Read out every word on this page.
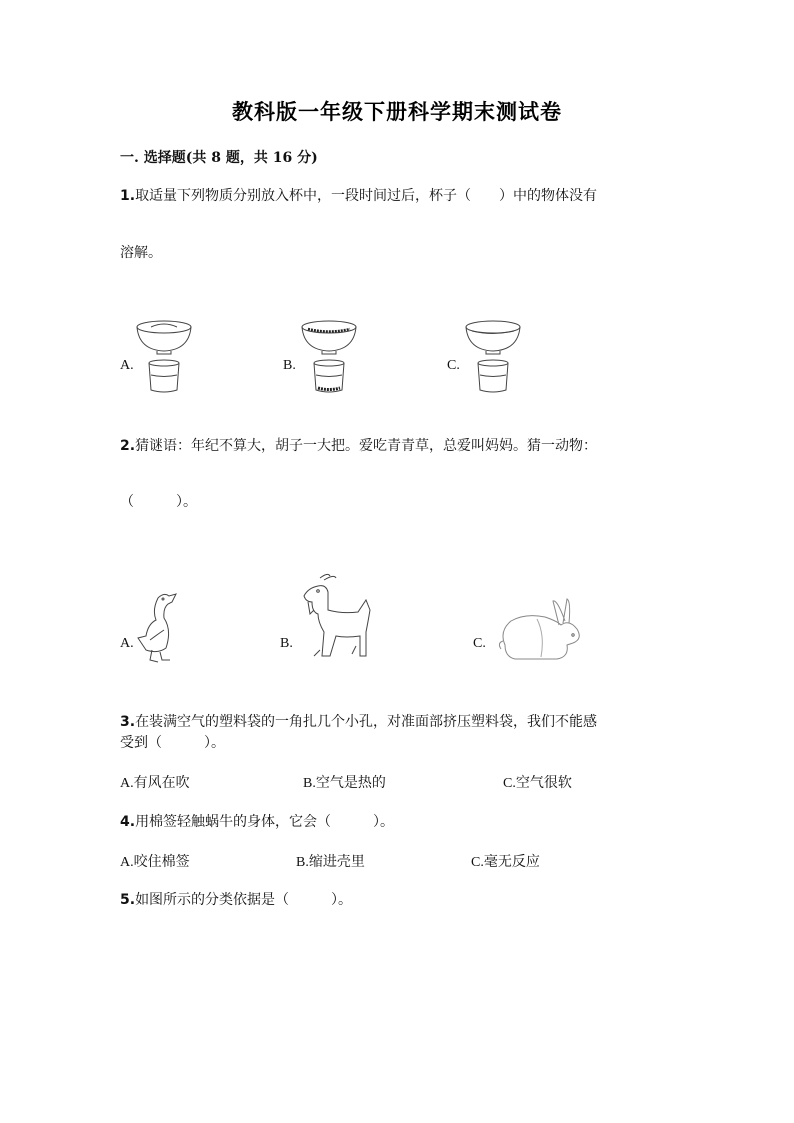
教科版一年级下册科学期末测试卷
一. 选择题(共 8 题，共 16 分)
1.取适量下列物质分别放入杯中，一段时间过后，杯子（　　）中的物体没有
溶解。
A.	B.	C.
2.猜谜语：年纪不算大，胡子一大把。爱吃青青草，总爱叫妈妈。猜一动物：
（　　　）。
A.	B.	C.
3.在装满空气的塑料袋的一角扎几个小孔，对准面部挤压塑料袋，我们不能感
受到（　　　）。
A.有风在吹	B.空气是热的	C.空气很软
4.用棉签轻触蜗牛的身体，它会（　　　）。
A.咬住棉签	B.缩进壳里	C.毫无反应
5.如图所示的分类依据是（　　　）。
